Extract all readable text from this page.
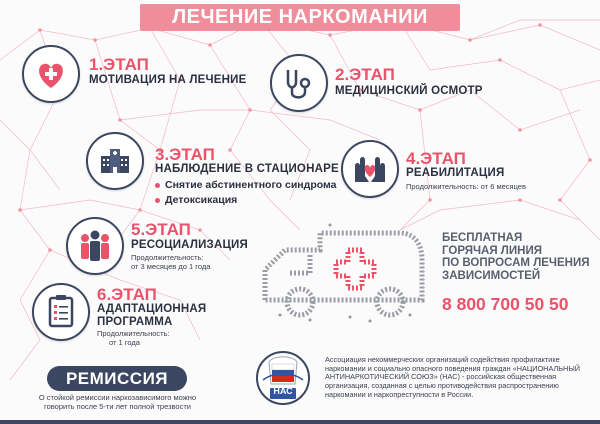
ЛЕЧЕНИЕ НАРКОМАНИИ
1.ЭТАП
МОТИВАЦИЯ НА ЛЕЧЕНИЕ	2.ЭТАП
МЕДИЦИНСКИЙ ОСМОТР
3.ЭТАП
НАБЛЮДЕНИЕ В СТАЦИОНАРЕ
Снятие абстинентного синдрома
Детоксикация
4.ЭТАП
РЕАБИЛИТАЦИЯ
Продолжительность: от 6 месяцев
5.ЭТАП
РЕСОЦИАЛИЗАЦИЯ
Продолжительность:
от 3 месяцев до 1 года
6.ЭТАП
АДАПТАЦИОННАЯ
ПРОГРАММА
Продолжительность:
от 1 года
БЕСПЛАТНАЯ
ГОРЯЧАЯ ЛИНИЯ
ПО ВОПРОСАМ ЛЕЧЕНИЯ
ЗАВИСИМОСТЕЙ
8 800 700 50 50
РЕМИССИЯ
О стойкой ремиссии наркозависимого можно
говорить после 5-ти лет полной трезвости
НАС
Ассоциация некоммерческих организаций содействия профилактике наркомании и социально опасного поведения граждан «НАЦИОНАЛЬНЫЙ АНТИНАРКОТИЧЕСКИЙ СОЮЗ» (НАС) - российская общественная организация, созданная с целью противодействия распространению наркомании и наркопреступности в России.
